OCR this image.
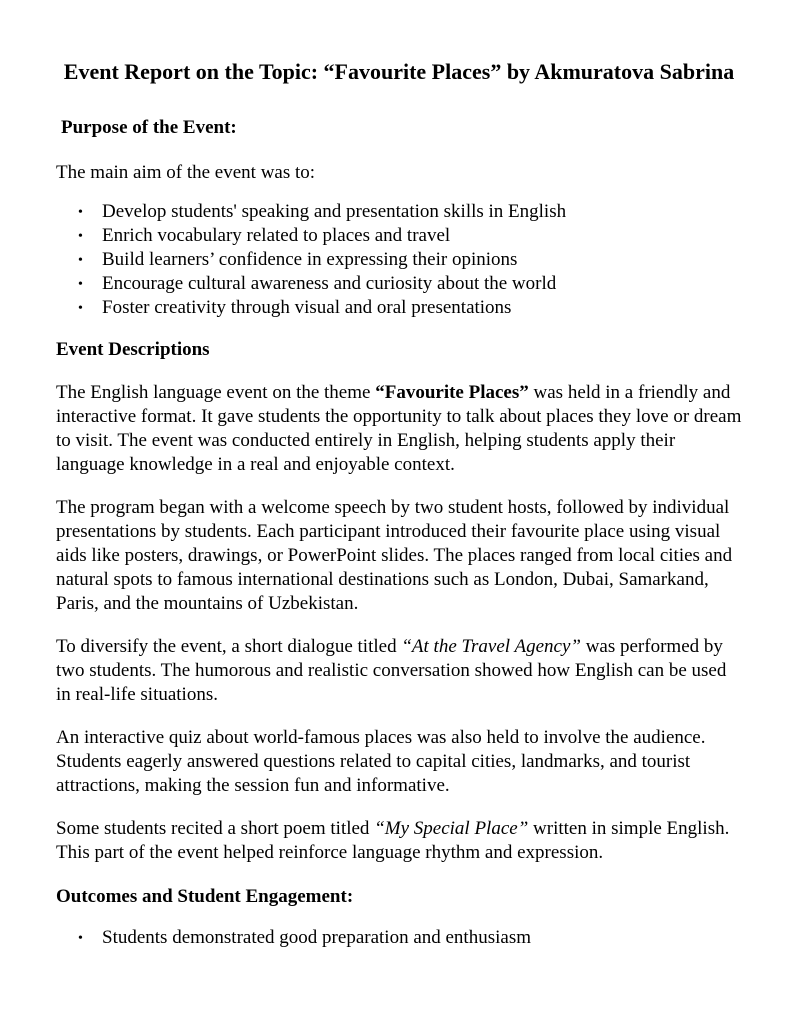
Event Report on the Topic: “Favourite Places” by Akmuratova Sabrina
Purpose of the Event:

The main aim of the event was to:

• Develop students' speaking and presentation skills in English
• Enrich vocabulary related to places and travel
• Build learners’ confidence in expressing their opinions
• Encourage cultural awareness and curiosity about the world
• Foster creativity through visual and oral presentations
Event Descriptions

The English language event on the theme “Favourite Places” was held in a friendly and interactive format. It gave students the opportunity to talk about places they love or dream to visit. The event was conducted entirely in English, helping students apply their language knowledge in a real and enjoyable context.

The program began with a welcome speech by two student hosts, followed by individual presentations by students. Each participant introduced their favourite place using visual aids like posters, drawings, or PowerPoint slides. The places ranged from local cities and natural spots to famous international destinations such as London, Dubai, Samarkand, Paris, and the mountains of Uzbekistan.

To diversify the event, a short dialogue titled “At the Travel Agency” was performed by two students. The humorous and realistic conversation showed how English can be used in real-life situations.

An interactive quiz about world-famous places was also held to involve the audience. Students eagerly answered questions related to capital cities, landmarks, and tourist attractions, making the session fun and informative.

Some students recited a short poem titled “My Special Place” written in simple English. This part of the event helped reinforce language rhythm and expression.

Outcomes and Student Engagement:
• Students demonstrated good preparation and enthusiasm
